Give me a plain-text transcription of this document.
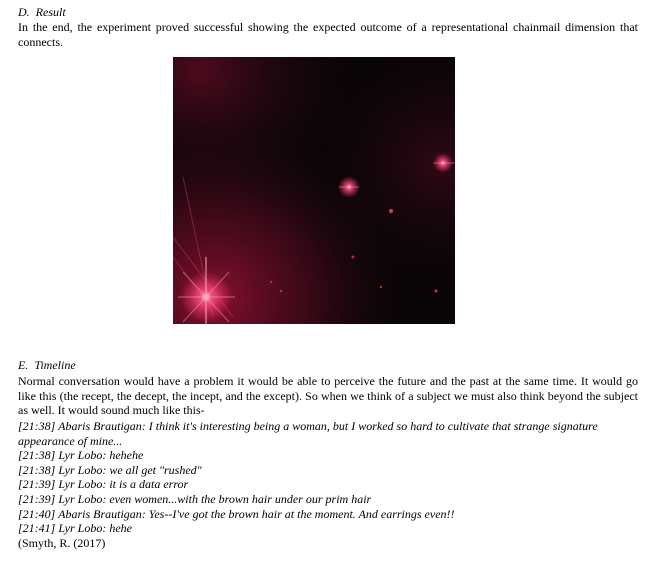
D.  Result
In the end, the experiment proved successful showing the expected outcome of a representational chainmail dimension that connects.
E.  Timeline
Normal conversation would have a problem it would be able to perceive the future and the past at the same time. It would go like this (the recept, the decept, the incept, and the except). So when we think of a subject we must also think beyond the subject as well. It would sound much like this-
[21:38] Abaris Brautigan: I think it's interesting being a woman, but I worked so hard to cultivate that strange signature appearance of mine...
[21:38] Lyr Lobo: hehehe
[21:38] Lyr Lobo: we all get "rushed"
[21:39] Lyr Lobo: it is a data error
[21:39] Lyr Lobo: even women...with the brown hair under our prim hair
[21:40] Abaris Brautigan: Yes--I've got the brown hair at the moment. And earrings even!!
[21:41] Lyr Lobo: hehe
(Smyth, R. (2017)
